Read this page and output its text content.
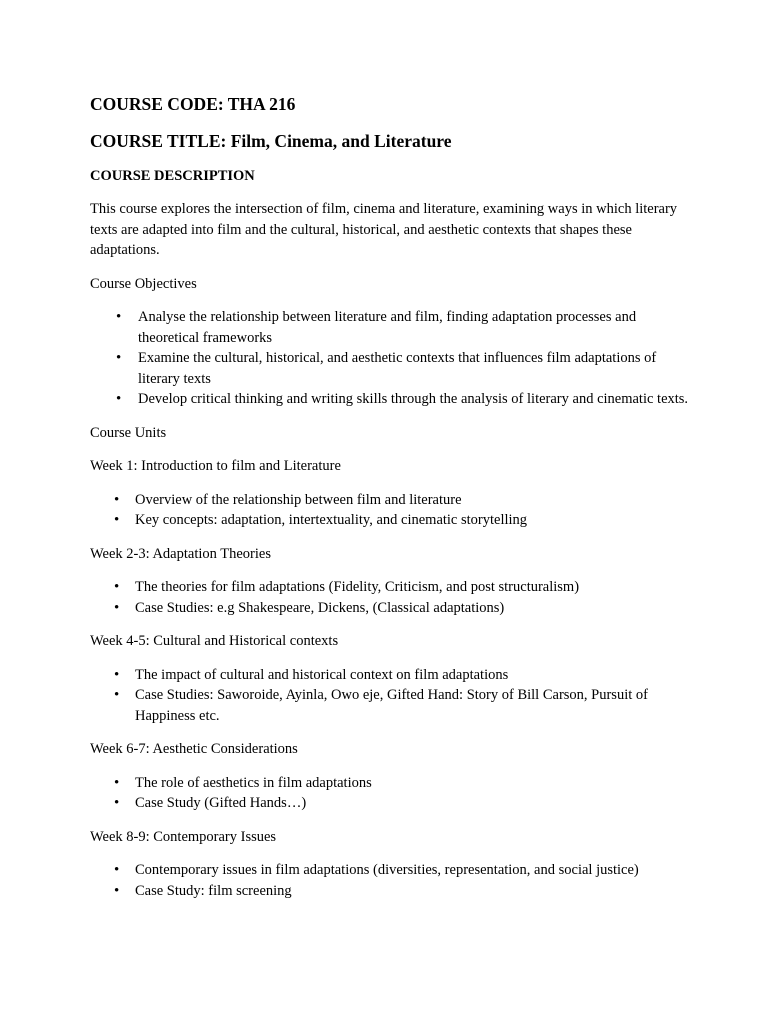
COURSE CODE: THA 216
COURSE TITLE: Film, Cinema, and Literature
COURSE DESCRIPTION

This course explores the intersection of film, cinema and literature, examining ways in which literary texts are adapted into film and the cultural, historical, and aesthetic contexts that shapes these adaptations.

Course Objectives

• Analyse the relationship between literature and film, finding adaptation processes and theoretical frameworks
• Examine the cultural, historical, and aesthetic contexts that influences film adaptations of literary texts
• Develop critical thinking and writing skills through the analysis of literary and cinematic texts.

Course Units

Week 1: Introduction to film and Literature

• Overview of the relationship between film and literature
• Key concepts: adaptation, intertextuality, and cinematic storytelling

Week 2-3: Adaptation Theories

• The theories for film adaptations (Fidelity, Criticism, and post structuralism)
• Case Studies: e.g Shakespeare, Dickens, (Classical adaptations)

Week 4-5: Cultural and Historical contexts

• The impact of cultural and historical context on film adaptations
• Case Studies: Saworoide, Ayinla, Owo eje, Gifted Hand: Story of Bill Carson, Pursuit of Happiness etc.

Week 6-7: Aesthetic Considerations

• The role of aesthetics in film adaptations
• Case Study (Gifted Hands…)

Week 8-9: Contemporary Issues

• Contemporary issues in film adaptations (diversities, representation, and social justice)
• Case Study: film screening
